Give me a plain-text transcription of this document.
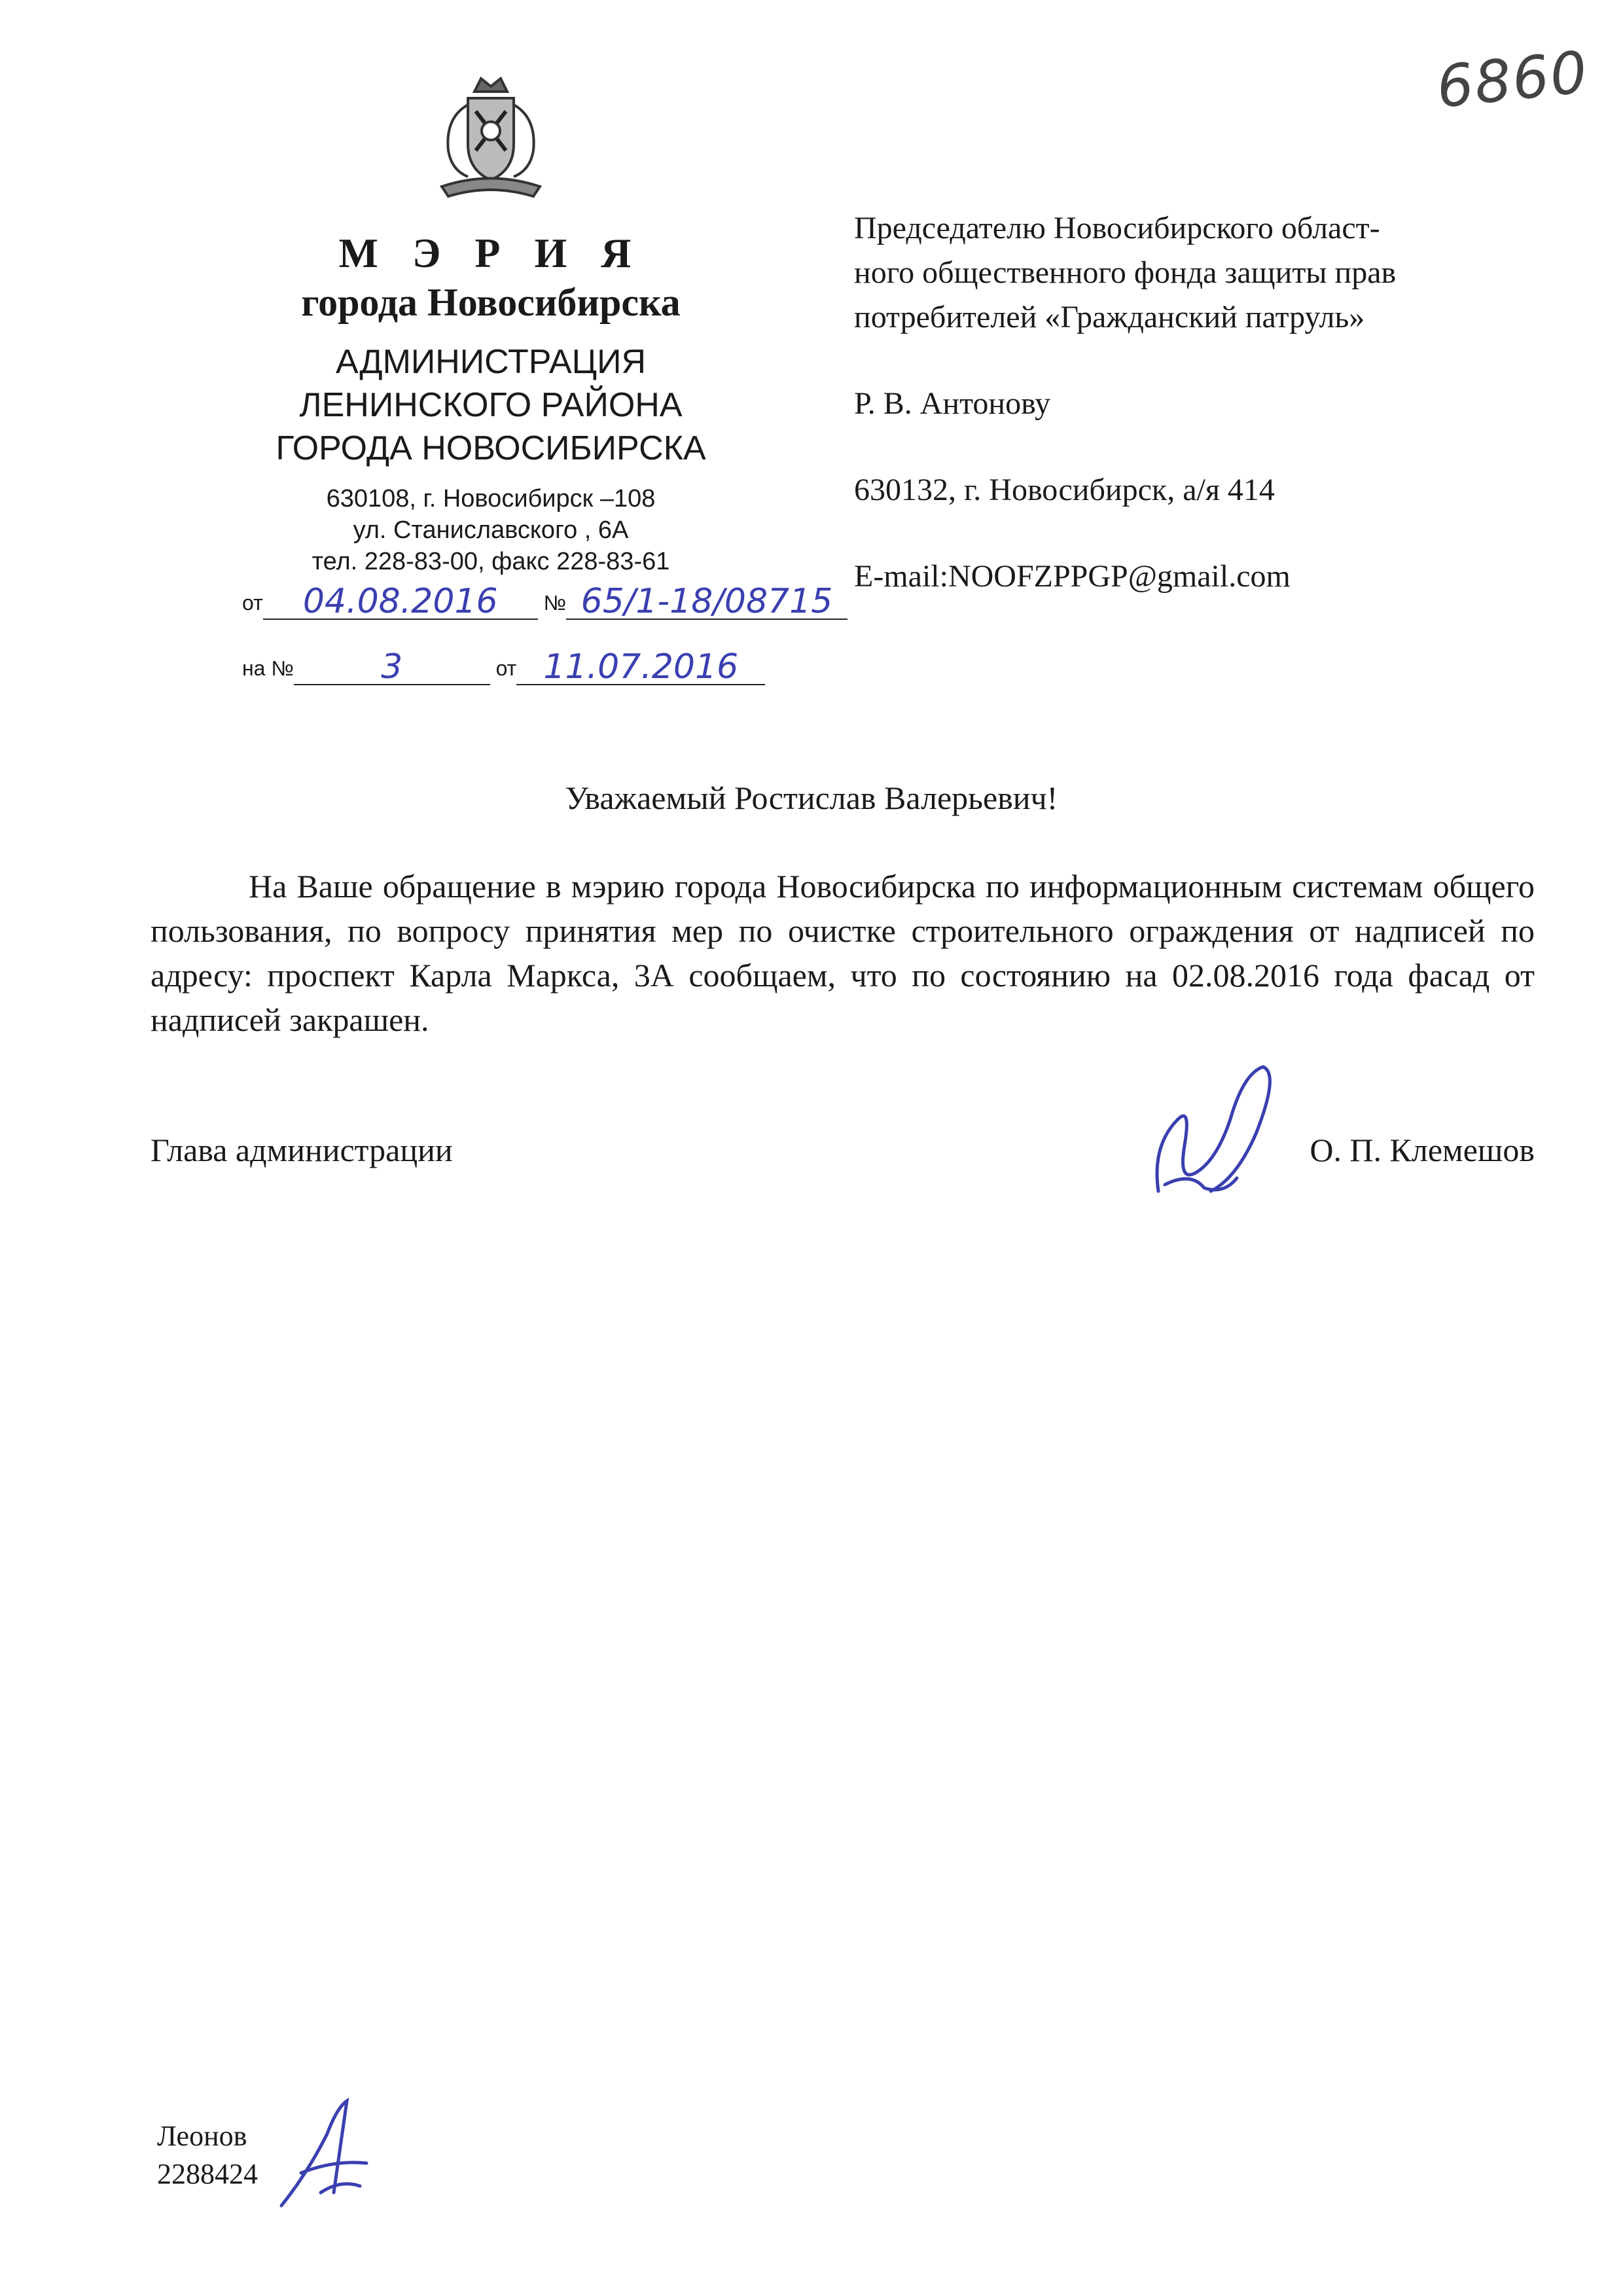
6860
М Э Р И Я
города Новосибирска
АДМИНИСТРАЦИЯ
ЛЕНИНСКОГО РАЙОНА
ГОРОДА НОВОСИБИРСКА
630108, г. Новосибирск –108
ул. Станиславского , 6А
тел. 228-83-00, факс 228-83-61
от 04.08.2016 № 65/1-18/08715
на №	3	от 11.07.2016

Председателю Новосибирского област-

ного общественного фонда защиты прав

потребителей «Гражданский патруль»

Р. В. Антонову

630132, г. Новосибирск, а/я 414

E-mail:NOOFZPPGP@gmail.com

Уважаемый Ростислав Валерьевич!

На Ваше обращение в мэрию города Новосибирска по информационным системам общего пользования, по вопросу принятия мер по очистке строительного ограждения от надписей по адресу: проспект Карла Маркса, 3А сообщаем, что по состоянию на 02.08.2016 года фасад от надписей закрашен.

Глава администрации	О. П. Клемешов

Леонов

2288424
